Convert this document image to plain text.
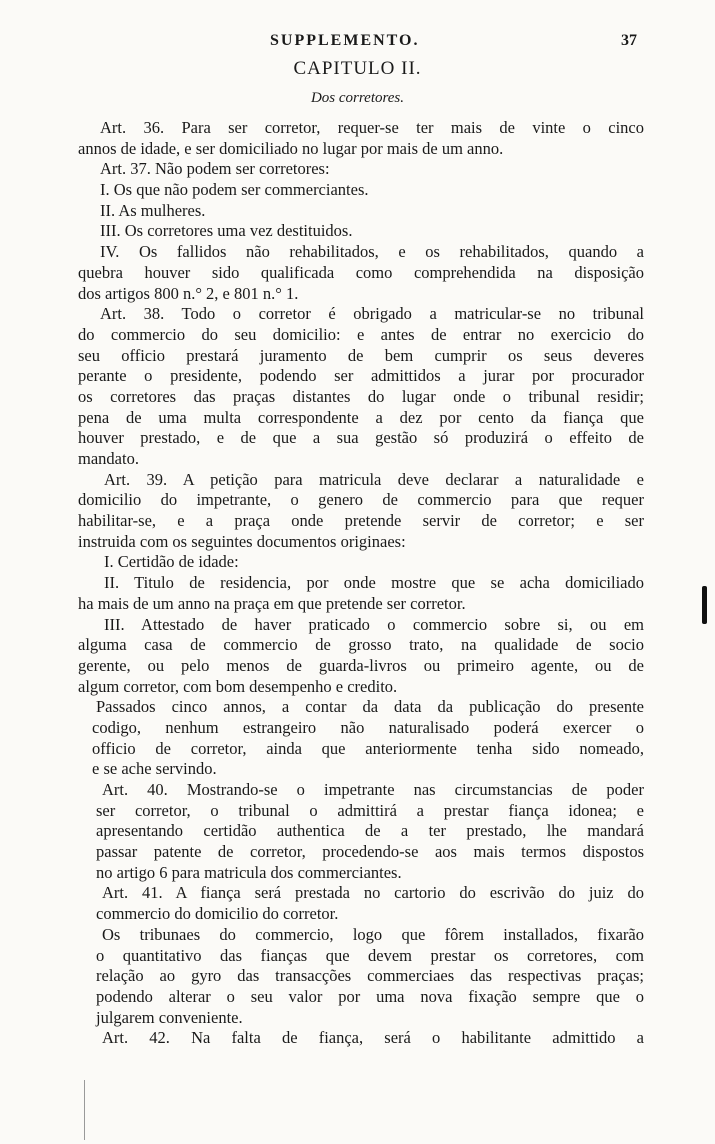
SUPPLEMENTO.	37
CAPITULO II.
Dos corretores.
Art. 36. Para ser corretor, requer-se ter mais de vinte o cinco
annos de idade, e ser domiciliado no lugar por mais de um anno.
Art. 37. Não podem ser corretores:
I. Os que não podem ser commerciantes.
II. As mulheres.
III. Os corretores uma vez destituidos.
IV. Os fallidos não rehabilitados, e os rehabilitados, quando a
quebra houver sido qualificada como comprehendida na disposição
dos artigos 800 n.° 2, e 801 n.° 1.
Art. 38. Todo o corretor é obrigado a matricular-se no tribunal
do commercio do seu domicilio: e antes de entrar no exercicio do
seu officio prestará juramento de bem cumprir os seus deveres
perante o presidente, podendo ser admittidos a jurar por procurador
os corretores das praças distantes do lugar onde o tribunal residir;
pena de uma multa correspondente a dez por cento da fiança que
houver prestado, e de que a sua gestão só produzirá o effeito de
mandato.
Art. 39. A petição para matricula deve declarar a naturalidade e
domicilio do impetrante, o genero de commercio para que requer
habilitar-se, e a praça onde pretende servir de corretor; e ser
instruida com os seguintes documentos originaes:
I. Certidão de idade:
II. Titulo de residencia, por onde mostre que se acha domiciliado
ha mais de um anno na praça em que pretende ser corretor.
III. Attestado de haver praticado o commercio sobre si, ou em
alguma casa de commercio de grosso trato, na qualidade de socio
gerente, ou pelo menos de guarda-livros ou primeiro agente, ou de
algum corretor, com bom desempenho e credito.
Passados cinco annos, a contar da data da publicação do presente
codigo, nenhum estrangeiro não naturalisado poderá exercer o
officio de corretor, ainda que anteriormente tenha sido nomeado,
e se ache servindo.
Art. 40. Mostrando-se o impetrante nas circumstancias de poder
ser corretor, o tribunal o admittirá a prestar fiança idonea; e
apresentando certidão authentica de a ter prestado, lhe mandará
passar patente de corretor, procedendo-se aos mais termos dispostos
no artigo 6 para matricula dos commerciantes.
Art. 41. A fiança será prestada no cartorio do escrivão do juiz do
commercio do domicilio do corretor.
Os tribunaes do commercio, logo que fôrem installados, fixarão
o quantitativo das fianças que devem prestar os corretores, com
relação ao gyro das transacções commerciaes das respectivas praças;
podendo alterar o seu valor por uma nova fixação sempre que o
julgarem conveniente.
Art. 42. Na falta de fiança, será o habilitante admittido a
